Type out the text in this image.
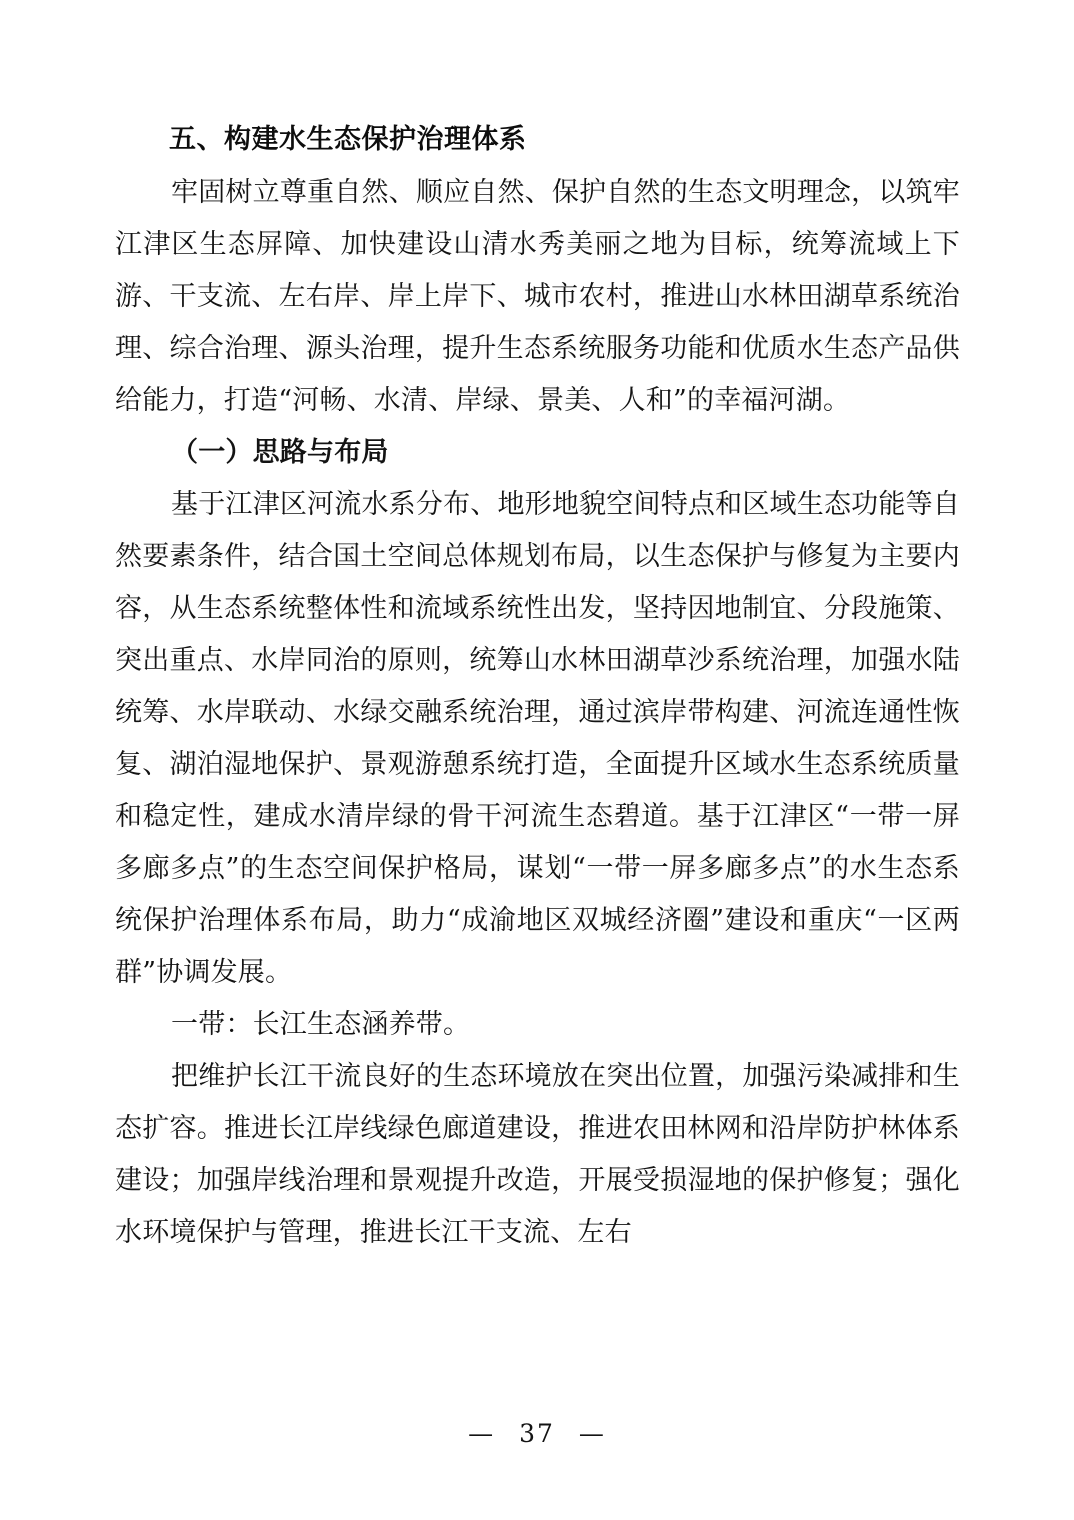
五、构建水生态保护治理体系

牢固树立尊重自然、顺应自然、保护自然的生态文明理念，以筑牢江津区生态屏障、加快建设山清水秀美丽之地为目标，统筹流域上下游、干支流、左右岸、岸上岸下、城市农村，推进山水林田湖草系统治理、综合治理、源头治理，提升生态系统服务功能和优质水生态产品供给能力，打造“河畅、水清、岸绿、景美、人和”的幸福河湖。

（一）思路与布局

基于江津区河流水系分布、地形地貌空间特点和区域生态功能等自然要素条件，结合国土空间总体规划布局，以生态保护与修复为主要内容，从生态系统整体性和流域系统性出发，坚持因地制宜、分段施策、突出重点、水岸同治的原则，统筹山水林田湖草沙系统治理，加强水陆统筹、水岸联动、水绿交融系统治理，通过滨岸带构建、河流连通性恢复、湖泊湿地保护、景观游憩系统打造，全面提升区域水生态系统质量和稳定性，建成水清岸绿的骨干河流生态碧道。基于江津区“一带一屏多廊多点”的生态空间保护格局，谋划“一带一屏多廊多点”的水生态系统保护治理体系布局，助力“成渝地区双城经济圈”建设和重庆“一区两群”协调发展。

一带：长江生态涵养带。

把维护长江干流良好的生态环境放在突出位置，加强污染减排和生态扩容。推进长江岸线绿色廊道建设，推进农田林网和沿岸防护林体系建设；加强岸线治理和景观提升改造，开展受损湿地的保护修复；强化水环境保护与管理，推进长江干支流、左右

— 37 —
